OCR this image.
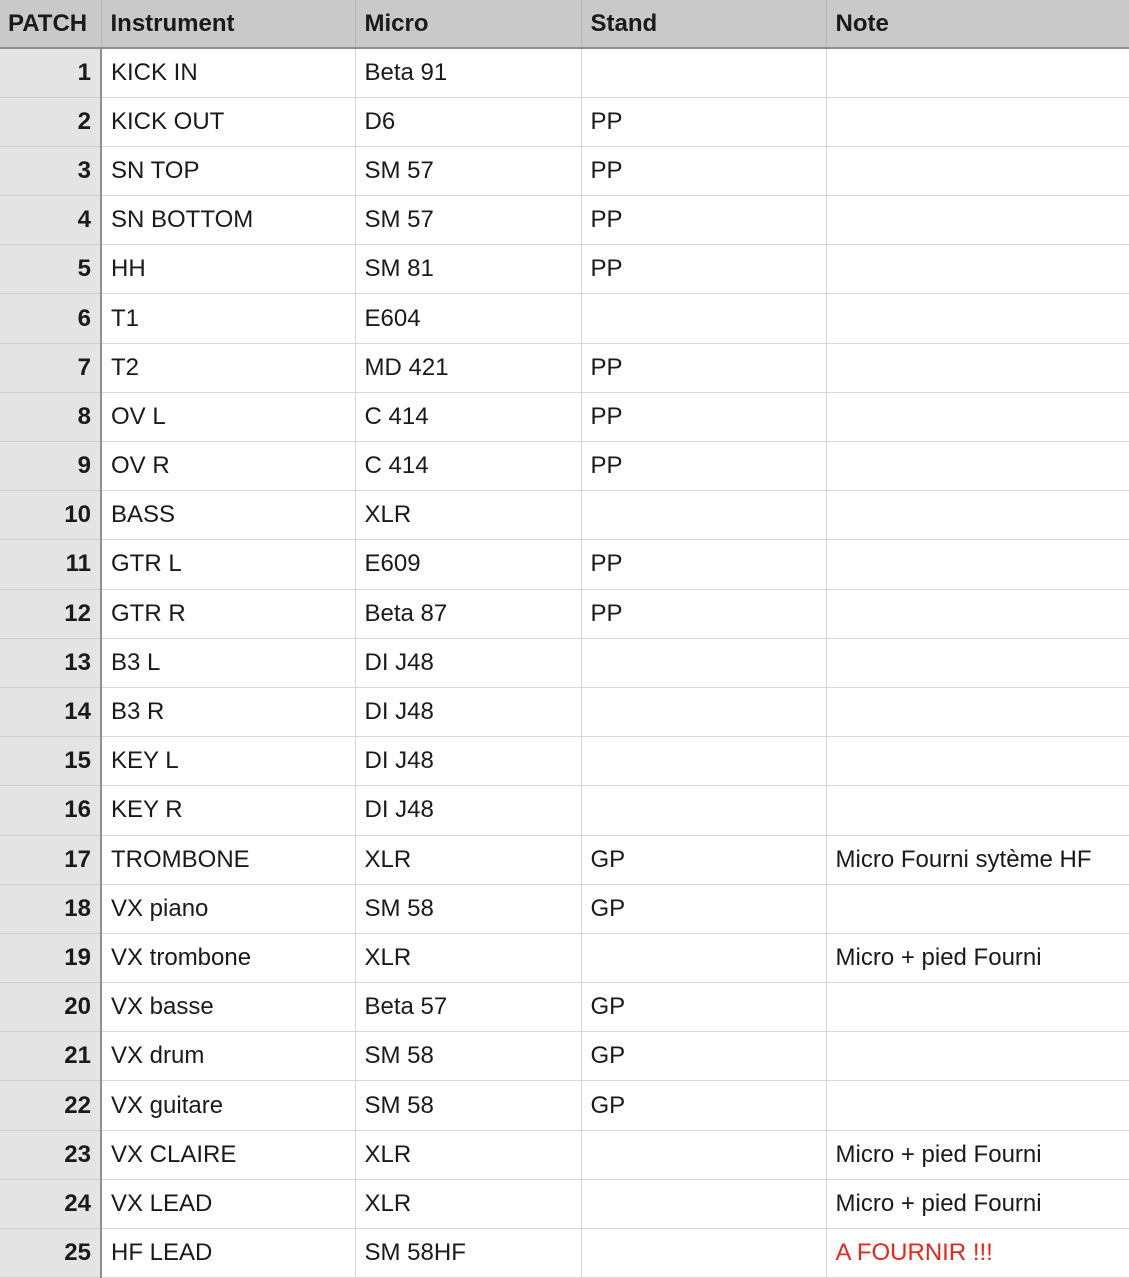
PATCH	Instrument	Micro	Stand	Note
1	KICK IN	Beta 91		
2	KICK OUT	D6	PP	
3	SN TOP	SM 57	PP	
4	SN BOTTOM	SM 57	PP	
5	HH	SM 81	PP	
6	T1	E604		
7	T2	MD 421	PP	
8	OV L	C 414	PP	
9	OV R	C 414	PP	
10	BASS	XLR		
11	GTR L	E609	PP	
12	GTR R	Beta 87	PP	
13	B3 L	DI J48		
14	B3 R	DI J48		
15	KEY L	DI J48		
16	KEY R	DI J48		
17	TROMBONE	XLR	GP	Micro Fourni sytème HF
18	VX piano	SM 58	GP	
19	VX trombone	XLR		Micro + pied Fourni
20	VX basse	Beta 57	GP	
21	VX drum	SM 58	GP	
22	VX guitare	SM 58	GP	
23	VX CLAIRE	XLR		Micro + pied Fourni
24	VX LEAD	XLR		Micro + pied Fourni
25	HF LEAD	SM 58HF		A FOURNIR !!!
